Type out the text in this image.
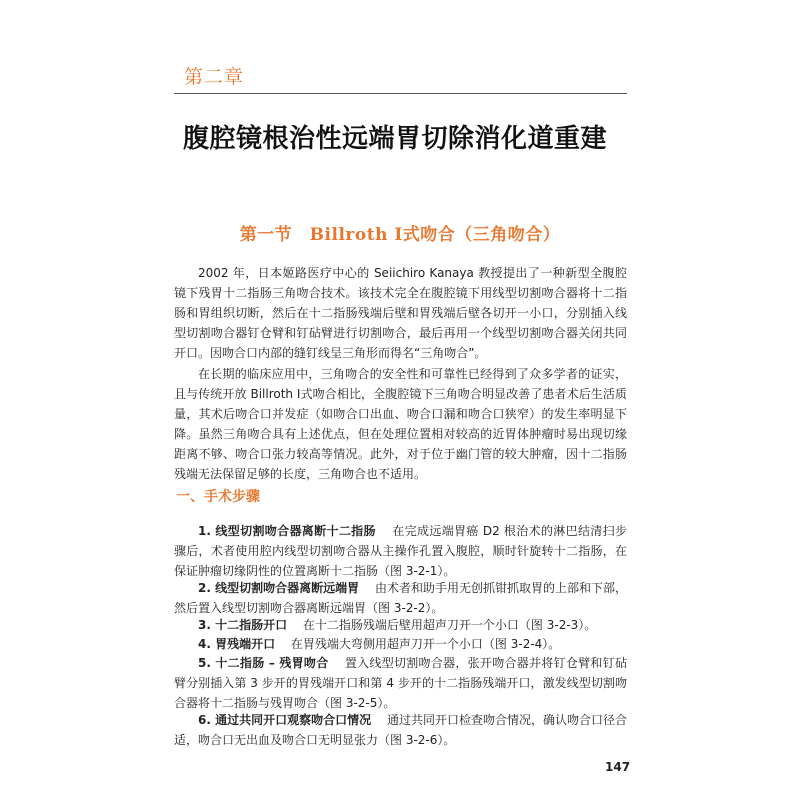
第二章
腹腔镜根治性远端胃切除消化道重建
第一节　Billroth Ⅰ式吻合（三角吻合）

2002 年，日本姬路医疗中心的 Seiichiro Kanaya 教授提出了一种新型全腹腔镜下残胃十二指肠三角吻合技术。该技术完全在腹腔镜下用线型切割吻合器将十二指肠和胃组织切断，然后在十二指肠残端后壁和胃残端后壁各切开一小口，分别插入线型切割吻合器钉仓臂和钉砧臂进行切割吻合，最后再用一个线型切割吻合器关闭共同开口。因吻合口内部的缝钉线呈三角形而得名“三角吻合”。

在长期的临床应用中，三角吻合的安全性和可靠性已经得到了众多学者的证实，且与传统开放 Billroth Ⅰ式吻合相比，全腹腔镜下三角吻合明显改善了患者术后生活质量，其术后吻合口并发症（如吻合口出血、吻合口漏和吻合口狭窄）的发生率明显下降。虽然三角吻合具有上述优点，但在处理位置相对较高的近胃体肿瘤时易出现切缘距离不够、吻合口张力较高等情况。此外，对于位于幽门管的较大肿瘤，因十二指肠残端无法保留足够的长度，三角吻合也不适用。

一、手术步骤

1. 线型切割吻合器离断十二指肠　 在完成远端胃癌 D2 根治术的淋巴结清扫步骤后，术者使用腔内线型切割吻合器从主操作孔置入腹腔，顺时针旋转十二指肠，在保证肿瘤切缘阴性的位置离断十二指肠（图 3-2-1）。

2. 线型切割吻合器离断远端胃　 由术者和助手用无创抓钳抓取胃的上部和下部，然后置入线型切割吻合器离断远端胃（图 3-2-2）。

3. 十二指肠开口　 在十二指肠残端后壁用超声刀开一个小口（图 3-2-3）。

4. 胃残端开口　 在胃残端大弯侧用超声刀开一个小口（图 3-2-4）。

5. 十二指肠 – 残胃吻合　 置入线型切割吻合器，张开吻合器并将钉仓臂和钉砧臂分别插入第 3 步开的胃残端开口和第 4 步开的十二指肠残端开口，激发线型切割吻合器将十二指肠与残胃吻合（图 3-2-5）。

6. 通过共同开口观察吻合口情况　 通过共同开口检查吻合情况，确认吻合口径合适，吻合口无出血及吻合口无明显张力（图 3-2-6）。

147
